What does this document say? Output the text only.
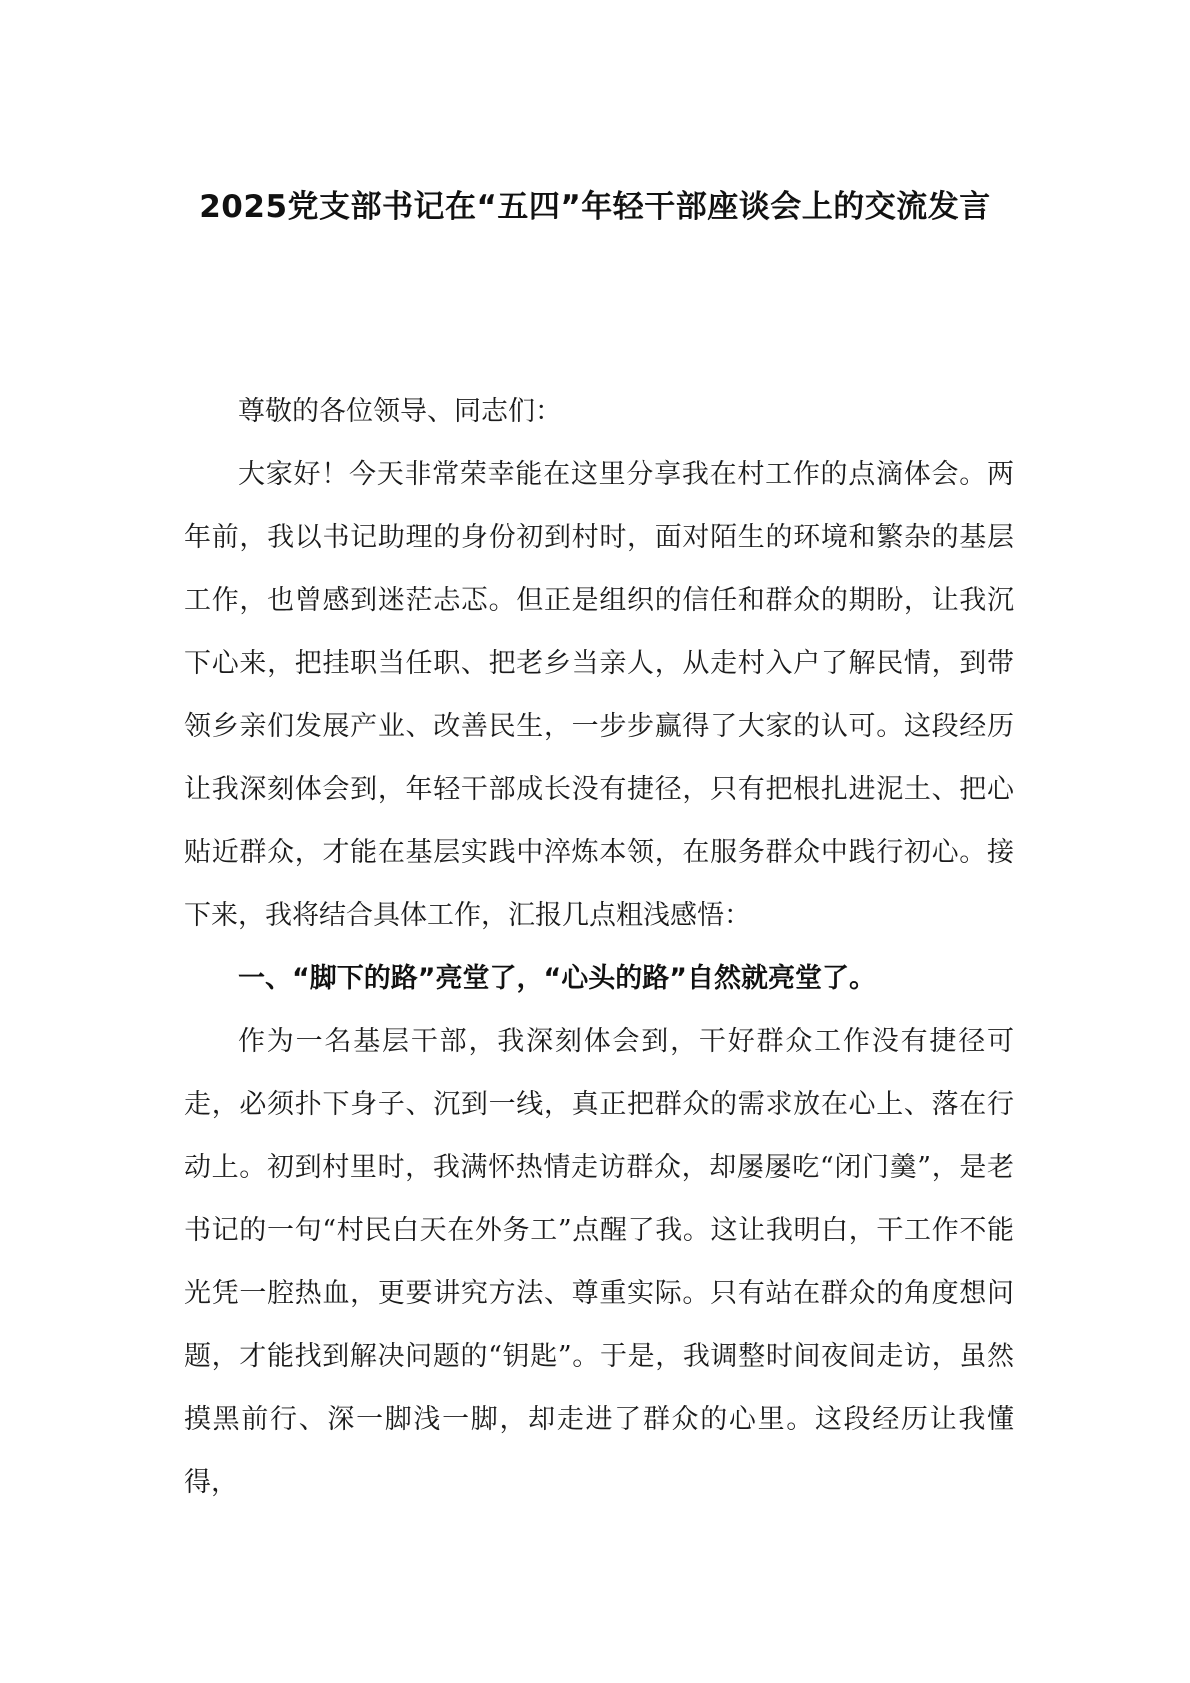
2025党支部书记在“五四”年轻干部座谈会上的交流发言

尊敬的各位领导、同志们：

大家好！今天非常荣幸能在这里分享我在村工作的点滴体会。两年前，我以书记助理的身份初到村时，面对陌生的环境和繁杂的基层工作，也曾感到迷茫忐忑。但正是组织的信任和群众的期盼，让我沉下心来，把挂职当任职、把老乡当亲人，从走村入户了解民情，到带领乡亲们发展产业、改善民生，一步步赢得了大家的认可。这段经历让我深刻体会到，年轻干部成长没有捷径，只有把根扎进泥土、把心贴近群众，才能在基层实践中淬炼本领，在服务群众中践行初心。接下来，我将结合具体工作，汇报几点粗浅感悟：

一、“脚下的路”亮堂了，“心头的路”自然就亮堂了。

作为一名基层干部，我深刻体会到，干好群众工作没有捷径可走，必须扑下身子、沉到一线，真正把群众的需求放在心上、落在行动上。初到村里时，我满怀热情走访群众，却屡屡吃“闭门羹”，是老书记的一句“村民白天在外务工”点醒了我。这让我明白，干工作不能光凭一腔热血，更要讲究方法、尊重实际。只有站在群众的角度想问题，才能找到解决问题的“钥匙”。于是，我调整时间夜间走访，虽然摸黑前行、深一脚浅一脚，却走进了群众的心里。这段经历让我懂得，
